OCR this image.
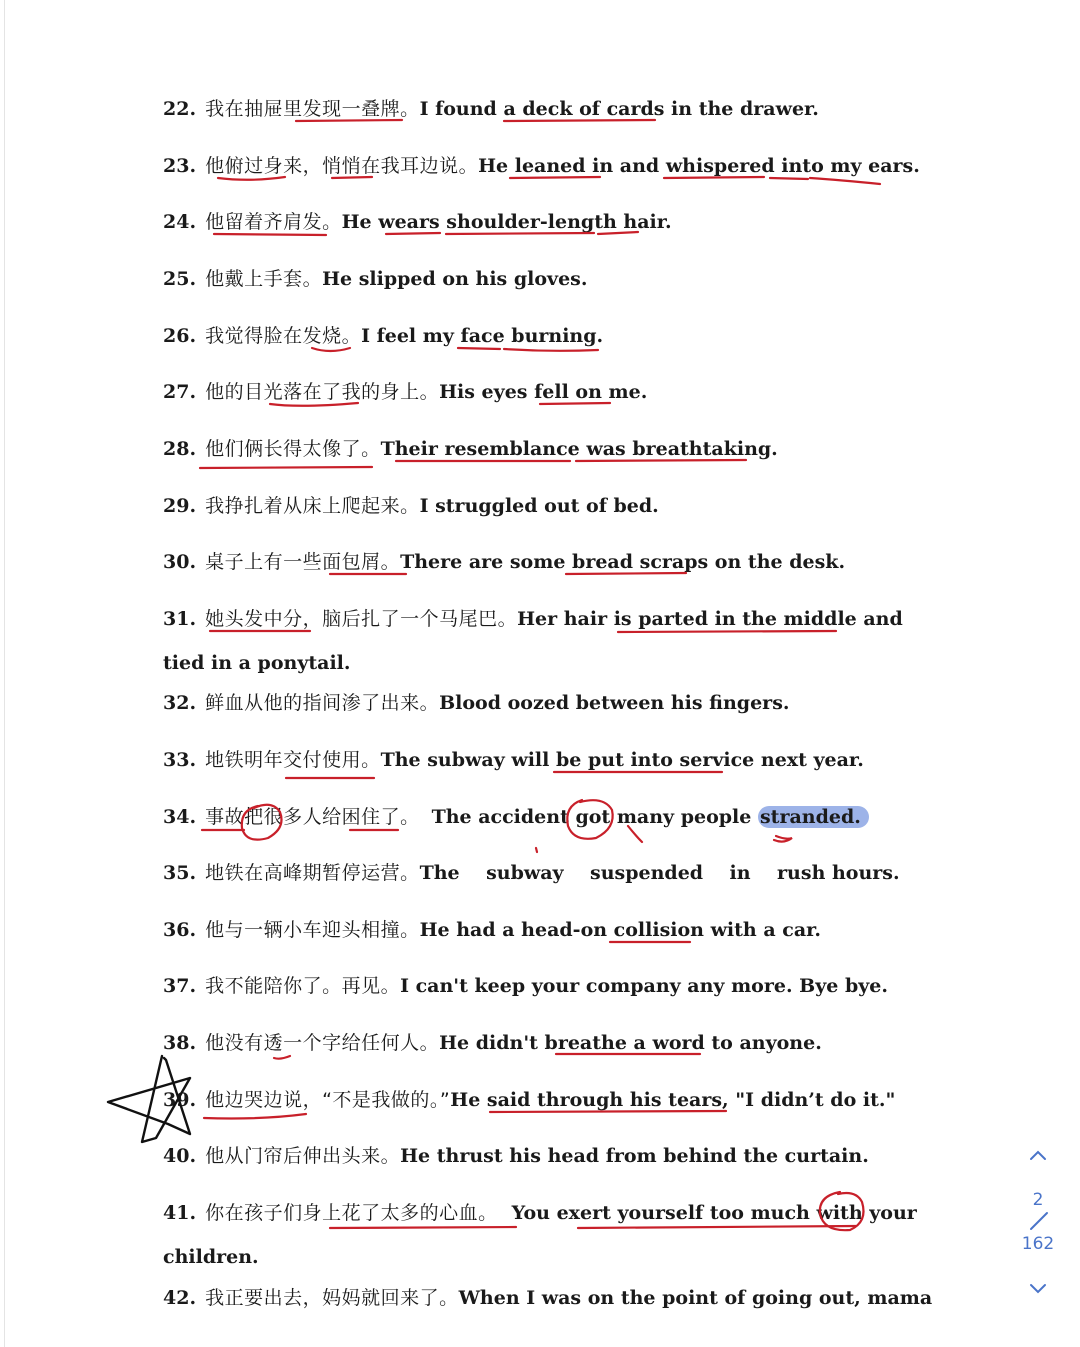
22. 我在抽屉里发现一叠牌。I found a deck of cards in the drawer.
23. 他俯过身来，悄悄在我耳边说。He leaned in and whispered into my ears.
24. 他留着齐肩发。He wears shoulder-length hair.
25. 他戴上手套。He slipped on his gloves.
26. 我觉得脸在发烧。I feel my face burning.
27. 他的目光落在了我的身上。His eyes fell on me.
28. 他们俩长得太像了。Their resemblance was breathtaking.
29. 我挣扎着从床上爬起来。I struggled out of bed.
30. 桌子上有一些面包屑。There are some bread scraps on the desk.
31. 她头发中分，脑后扎了一个马尾巴。Her hair is parted in the middle and tied in a ponytail.
32. 鲜血从他的指间渗了出来。Blood oozed between his fingers.
33. 地铁明年交付使用。The subway will be put into service next year.
34. 事故把很多人给困住了。 The accident got many people stranded.
35. 地铁在高峰期暂停运营。The    subway    suspended    in    rush hours.
36. 他与一辆小车迎头相撞。He had a head-on collision with a car.
37. 我不能陪你了。再见。I can't keep your company any more. Bye bye.
38. 他没有透一个字给任何人。He didn't breathe a word to anyone.
39. 他边哭边说，“不是我做的。”He said through his tears, "I didn’t do it."
40. 他从门帘后伸出头来。He thrust his head from behind the curtain.
41. 你在孩子们身上花了太多的心血。 You exert yourself too much with your children.
42. 我正要出去，妈妈就回来了。When I was on the point of going out, mama
2
162
